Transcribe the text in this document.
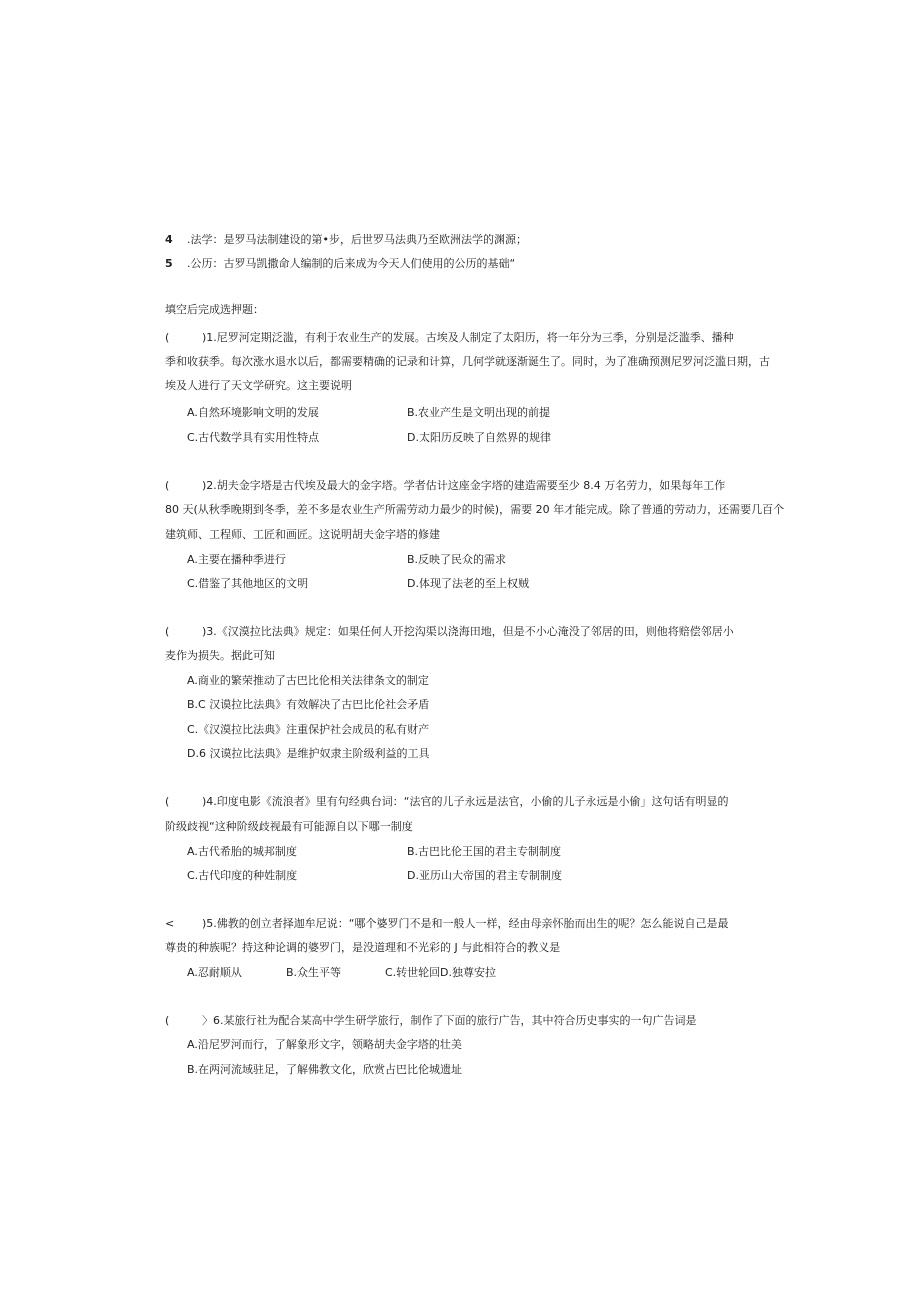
4 .法学：是罗马法制建设的第•步，后世罗马法典乃至欧洲法学的渊源；
5 .公历：古罗马凯撒命人编制的后来成为今天人们使用的公历的基础“
填空后完成选押题：
(	)1.尼罗河定期泛滥，有利于农业生产的发展。古埃及人制定了太阳历，将一年分为三季，分别是泛滥季、播种
季和收获季。每次涨水退水以后，都需要精确的记录和计算，几何学就逐渐诞生了。同时，为了准确预测尼罗河泛滥日期，古
埃及人进行了天文学研究。这主要说明
A.自然环境影响文明的发展	B.农业产生是文明出现的前提
C.古代数学具有实用性特点	D.太阳历反映了自然界的规律
(	)2.胡夫金字塔是古代埃及最大的金字塔。学者估计这座金字塔的建造需要至少 8.4 万名劳力，如果每年工作
80 天(从秋季晚期到冬季，差不多是农业生产所需劳动力最少的时候)，需要 20 年才能完成。除了普通的劳动力，还需要几百个
建筑师、工程师、工匠和画匠。这说明胡夫金字塔的修建
A.主要在播种季进行	B.反映了民众的需求
C.借鉴了其他地区的文明	D.体现了法老的至上权贼
(	)3.《汉漠拉比法典》规定：如果任何人开挖沟渠以浇海田地，但是不小心淹没了邻居的田，则他将赔偿邻居小
麦作为损失。据此可知
A.商业的繁荣推动了古巴比伦相关法律条文的制定
B.C 汉谟拉比法典》有效解决了古巴比伦社会矛盾
C.《汉漠拉比法典》注重保护社会成员的私有财产
D.6 汉谟拉比法典》是维护奴隶主阶级利益的工具
(	)4.印度电影《流浪者》里有句经典台词：“法官的儿子永远是法官，小偷的儿子永远是小偷」这句话有明显的
阶级歧视“这种阶级歧视最有可能源自以下哪一制度
A.古代希胎的城邦制度	B.古巴比伦王国的君主专制制度
C.古代印度的种姓制度	D.亚历山大帝国的君主专制制度
<	)5.佛教的创立者择迦牟尼说：“哪个婆罗门不是和一般人一样，经由母亲怀胎而出生的呢？怎么能说自己是最
尊贵的种族呢？持这种论调的婆罗门，是没道理和不光彩的 J 与此相符合的教义是
A.忍耐顺从	B.众生平等	C.转世轮回 D.独尊安拉
(	〉6.某旅行社为配合某高中学生研学旅行，制作了下面的旅行广告，其中符合历史事实的一句广告词是
A.沿尼罗河而行，了解象形文字，领略胡夫金字塔的壮美
B.在两河流域驻足，了解佛教文化，欣赏占巴比伦城遗址
